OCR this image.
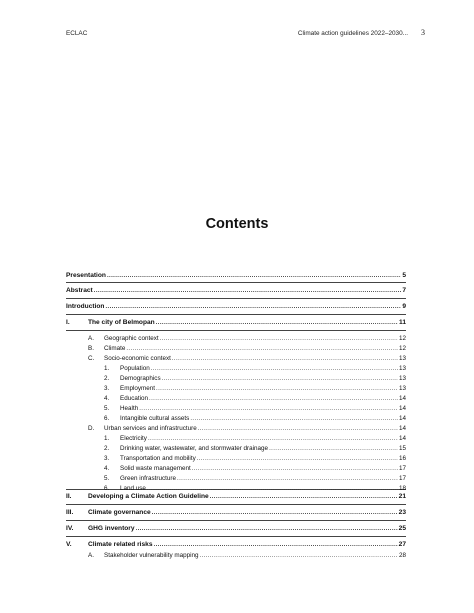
ECLAC	Climate action guidelines 2022–2030... 3
Contents
Presentation .....	5
Abstract .....	7
Introduction .....	9
I.	The city of Belmopan .....	11
A. Geographic context .....	12
B. Climate .....	12
C. Socio-economic context .....	13
1. Population .....	13
2. Demographics .....	13
3. Employment .....	13
4. Education .....	14
5. Health .....	14
6. Intangible cultural assets .....	14
D. Urban services and infrastructure .....	14
1. Electricity .....	14
2. Drinking water, wastewater, and stormwater drainage .....	15
3. Transportation and mobility .....	16
4. Solid waste management .....	17
5. Green infrastructure .....	17
6. Land use .....	18
II.	Developing a Climate Action Guideline .....	21
III. Climate governance .....	23
IV. GHG inventory .....	25
V. Climate related risks .....	27
A. Stakeholder vulnerability mapping .....	28
